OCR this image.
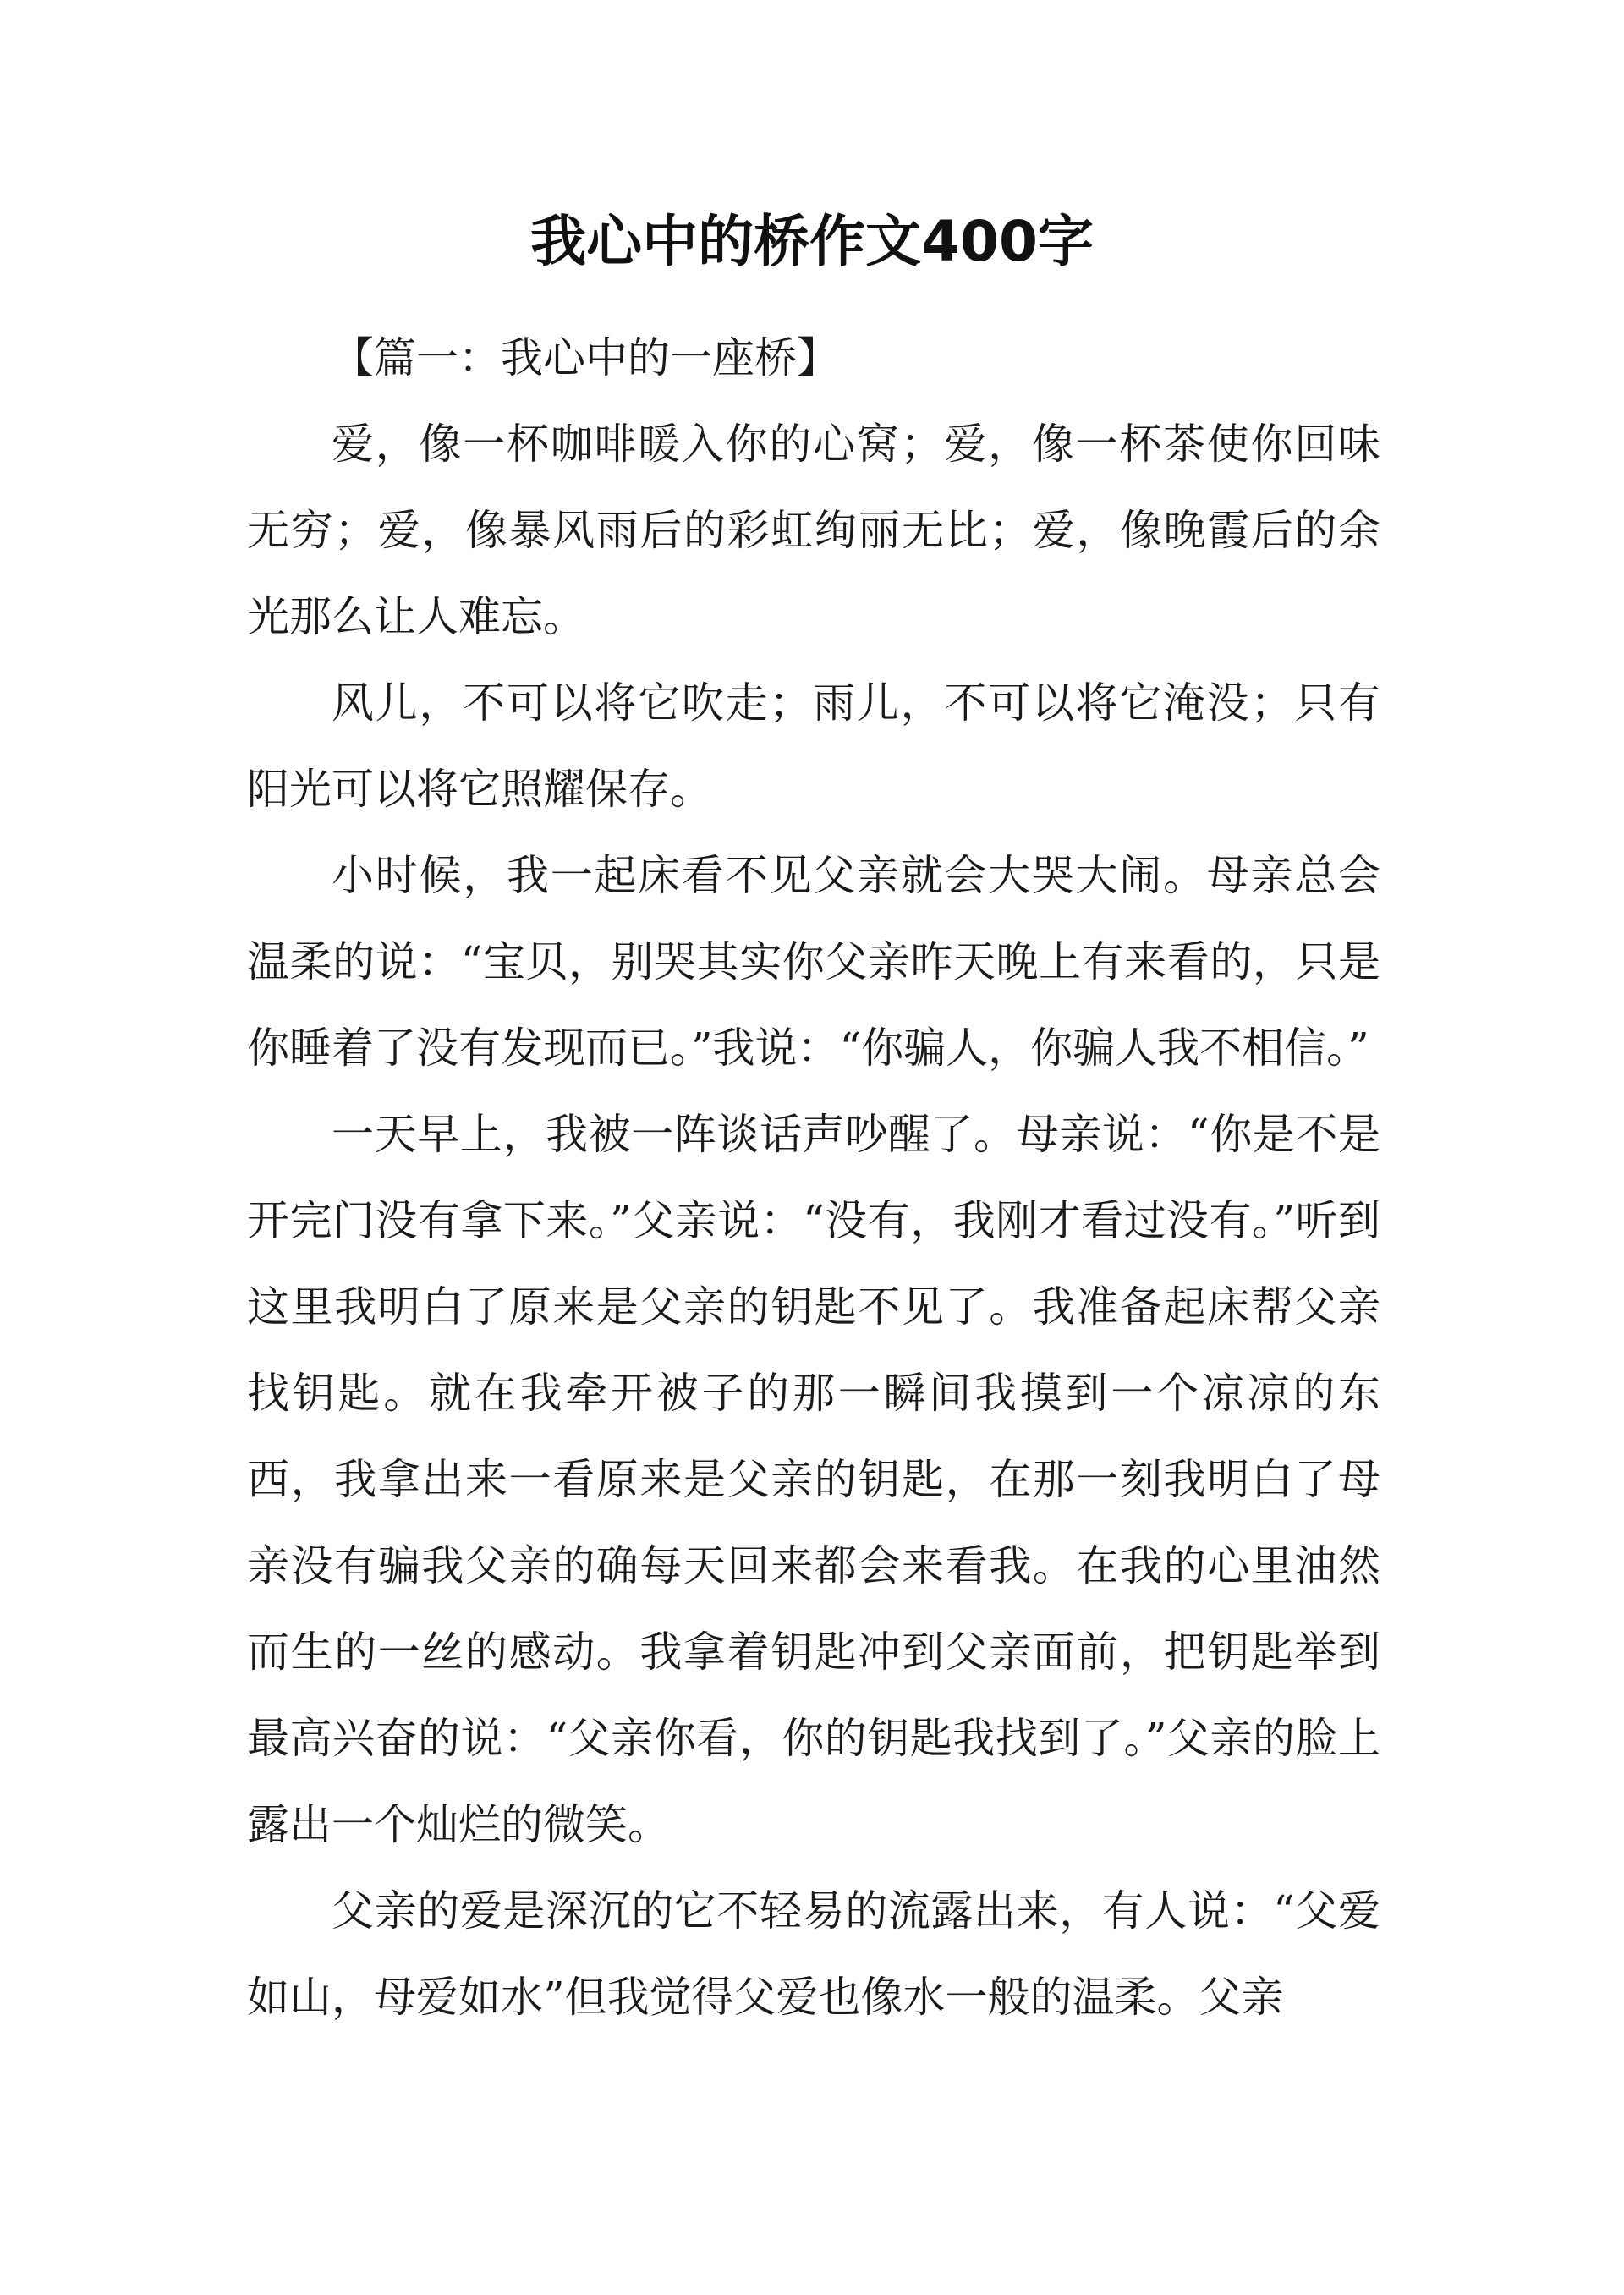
我心中的桥作文400字

【篇一：我心中的一座桥】

爱，像一杯咖啡暖入你的心窝；爱，像一杯茶使你回味无穷；爱，像暴风雨后的彩虹绚丽无比；爱，像晚霞后的余光那么让人难忘。

风儿，不可以将它吹走；雨儿，不可以将它淹没；只有阳光可以将它照耀保存。

小时候，我一起床看不见父亲就会大哭大闹。母亲总会温柔的说：“宝贝，别哭其实你父亲昨天晚上有来看的，只是你睡着了没有发现而已。”我说：“你骗人，你骗人我不相信。”

一天早上，我被一阵谈话声吵醒了。母亲说：“你是不是开完门没有拿下来。”父亲说：“没有，我刚才看过没有。”听到这里我明白了原来是父亲的钥匙不见了。我准备起床帮父亲找钥匙。就在我牵开被子的那一瞬间我摸到一个凉凉的东西，我拿出来一看原来是父亲的钥匙，在那一刻我明白了母亲没有骗我父亲的确每天回来都会来看我。在我的心里油然而生的一丝的感动。我拿着钥匙冲到父亲面前，把钥匙举到最高兴奋的说：“父亲你看，你的钥匙我找到了。”父亲的脸上露出一个灿烂的微笑。

父亲的爱是深沉的它不轻易的流露出来，有人说：“父爱如山，母爱如水”但我觉得父爱也像水一般的温柔。父亲
